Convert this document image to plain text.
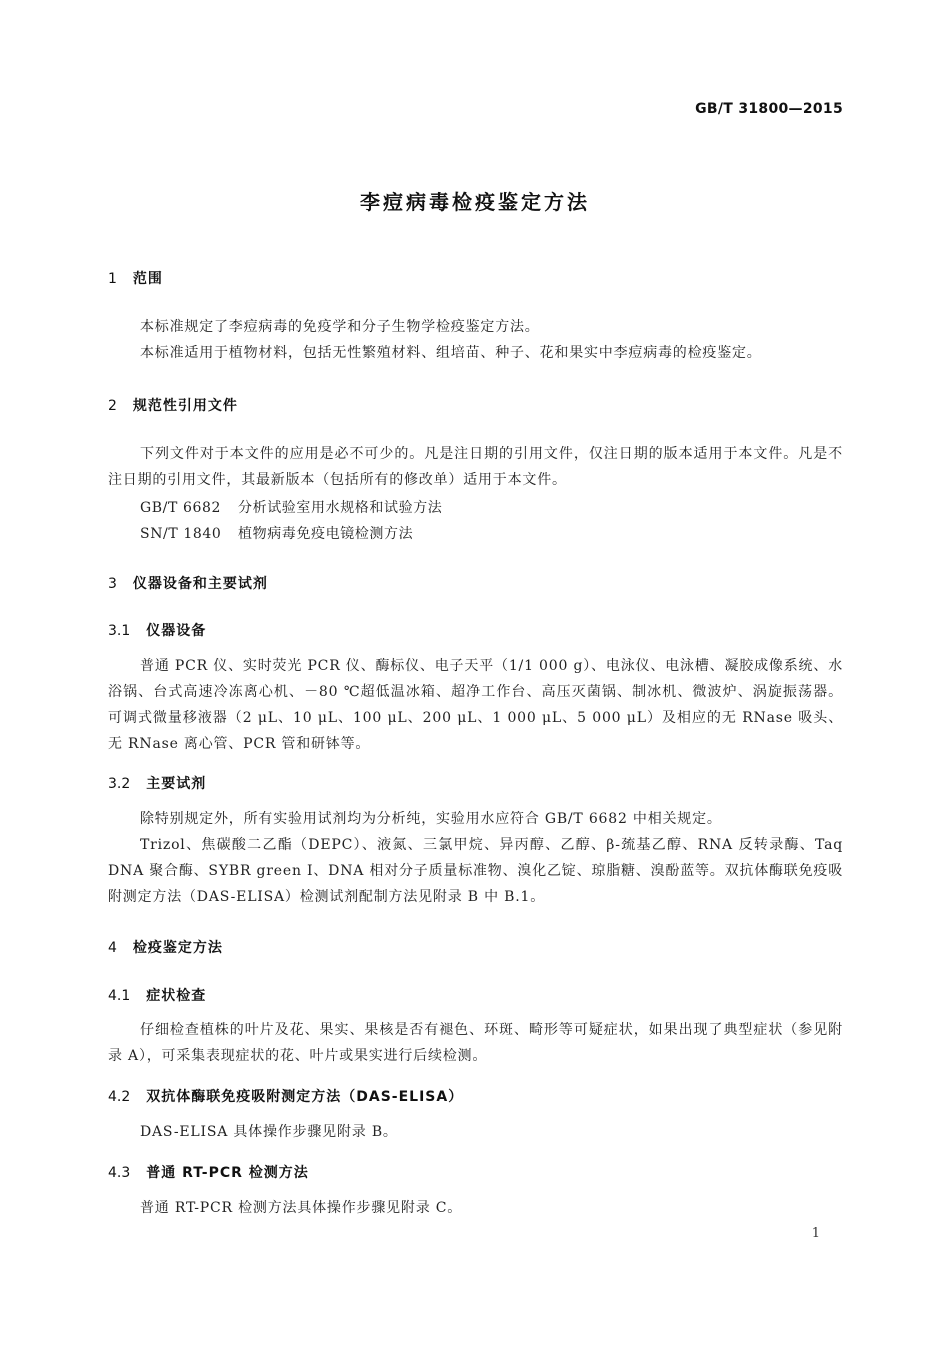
GB/T 31800—2015
李痘病毒检疫鉴定方法
1 范围
本标准规定了李痘病毒的免疫学和分子生物学检疫鉴定方法。
本标准适用于植物材料，包括无性繁殖材料、组培苗、种子、花和果实中李痘病毒的检疫鉴定。
2 规范性引用文件
下列文件对于本文件的应用是必不可少的。凡是注日期的引用文件，仅注日期的版本适用于本文件。凡是不注日期的引用文件，其最新版本（包括所有的修改单）适用于本文件。
GB/T 6682 分析试验室用水规格和试验方法
SN/T 1840 植物病毒免疫电镜检测方法
3 仪器设备和主要试剂
3.1 仪器设备
普通 PCR 仪、实时荧光 PCR 仪、酶标仪、电子天平（1/1 000 g）、电泳仪、电泳槽、凝胶成像系统、水浴锅、台式高速冷冻离心机、－80 ℃超低温冰箱、超净工作台、高压灭菌锅、制冰机、微波炉、涡旋振荡器。可调式微量移液器（2 μL、10 μL、100 μL、200 μL、1 000 μL、5 000 μL）及相应的无 RNase 吸头、无 RNase 离心管、PCR 管和研钵等。
3.2 主要试剂
除特别规定外，所有实验用试剂均为分析纯，实验用水应符合 GB/T 6682 中相关规定。
Trizol、焦碳酸二乙酯（DEPC）、液氮、三氯甲烷、异丙醇、乙醇、β-巯基乙醇、RNA 反转录酶、Taq DNA 聚合酶、SYBR green Ⅰ、DNA 相对分子质量标准物、溴化乙锭、琼脂糖、溴酚蓝等。双抗体酶联免疫吸附测定方法（DAS-ELISA）检测试剂配制方法见附录 B 中 B.1。
4 检疫鉴定方法
4.1 症状检查
仔细检查植株的叶片及花、果实、果核是否有褪色、环斑、畸形等可疑症状，如果出现了典型症状（参见附录 A），可采集表现症状的花、叶片或果实进行后续检测。
4.2 双抗体酶联免疫吸附测定方法（DAS-ELISA）
DAS-ELISA 具体操作步骤见附录 B。
4.3 普通 RT-PCR 检测方法
普通 RT-PCR 检测方法具体操作步骤见附录 C。
1
